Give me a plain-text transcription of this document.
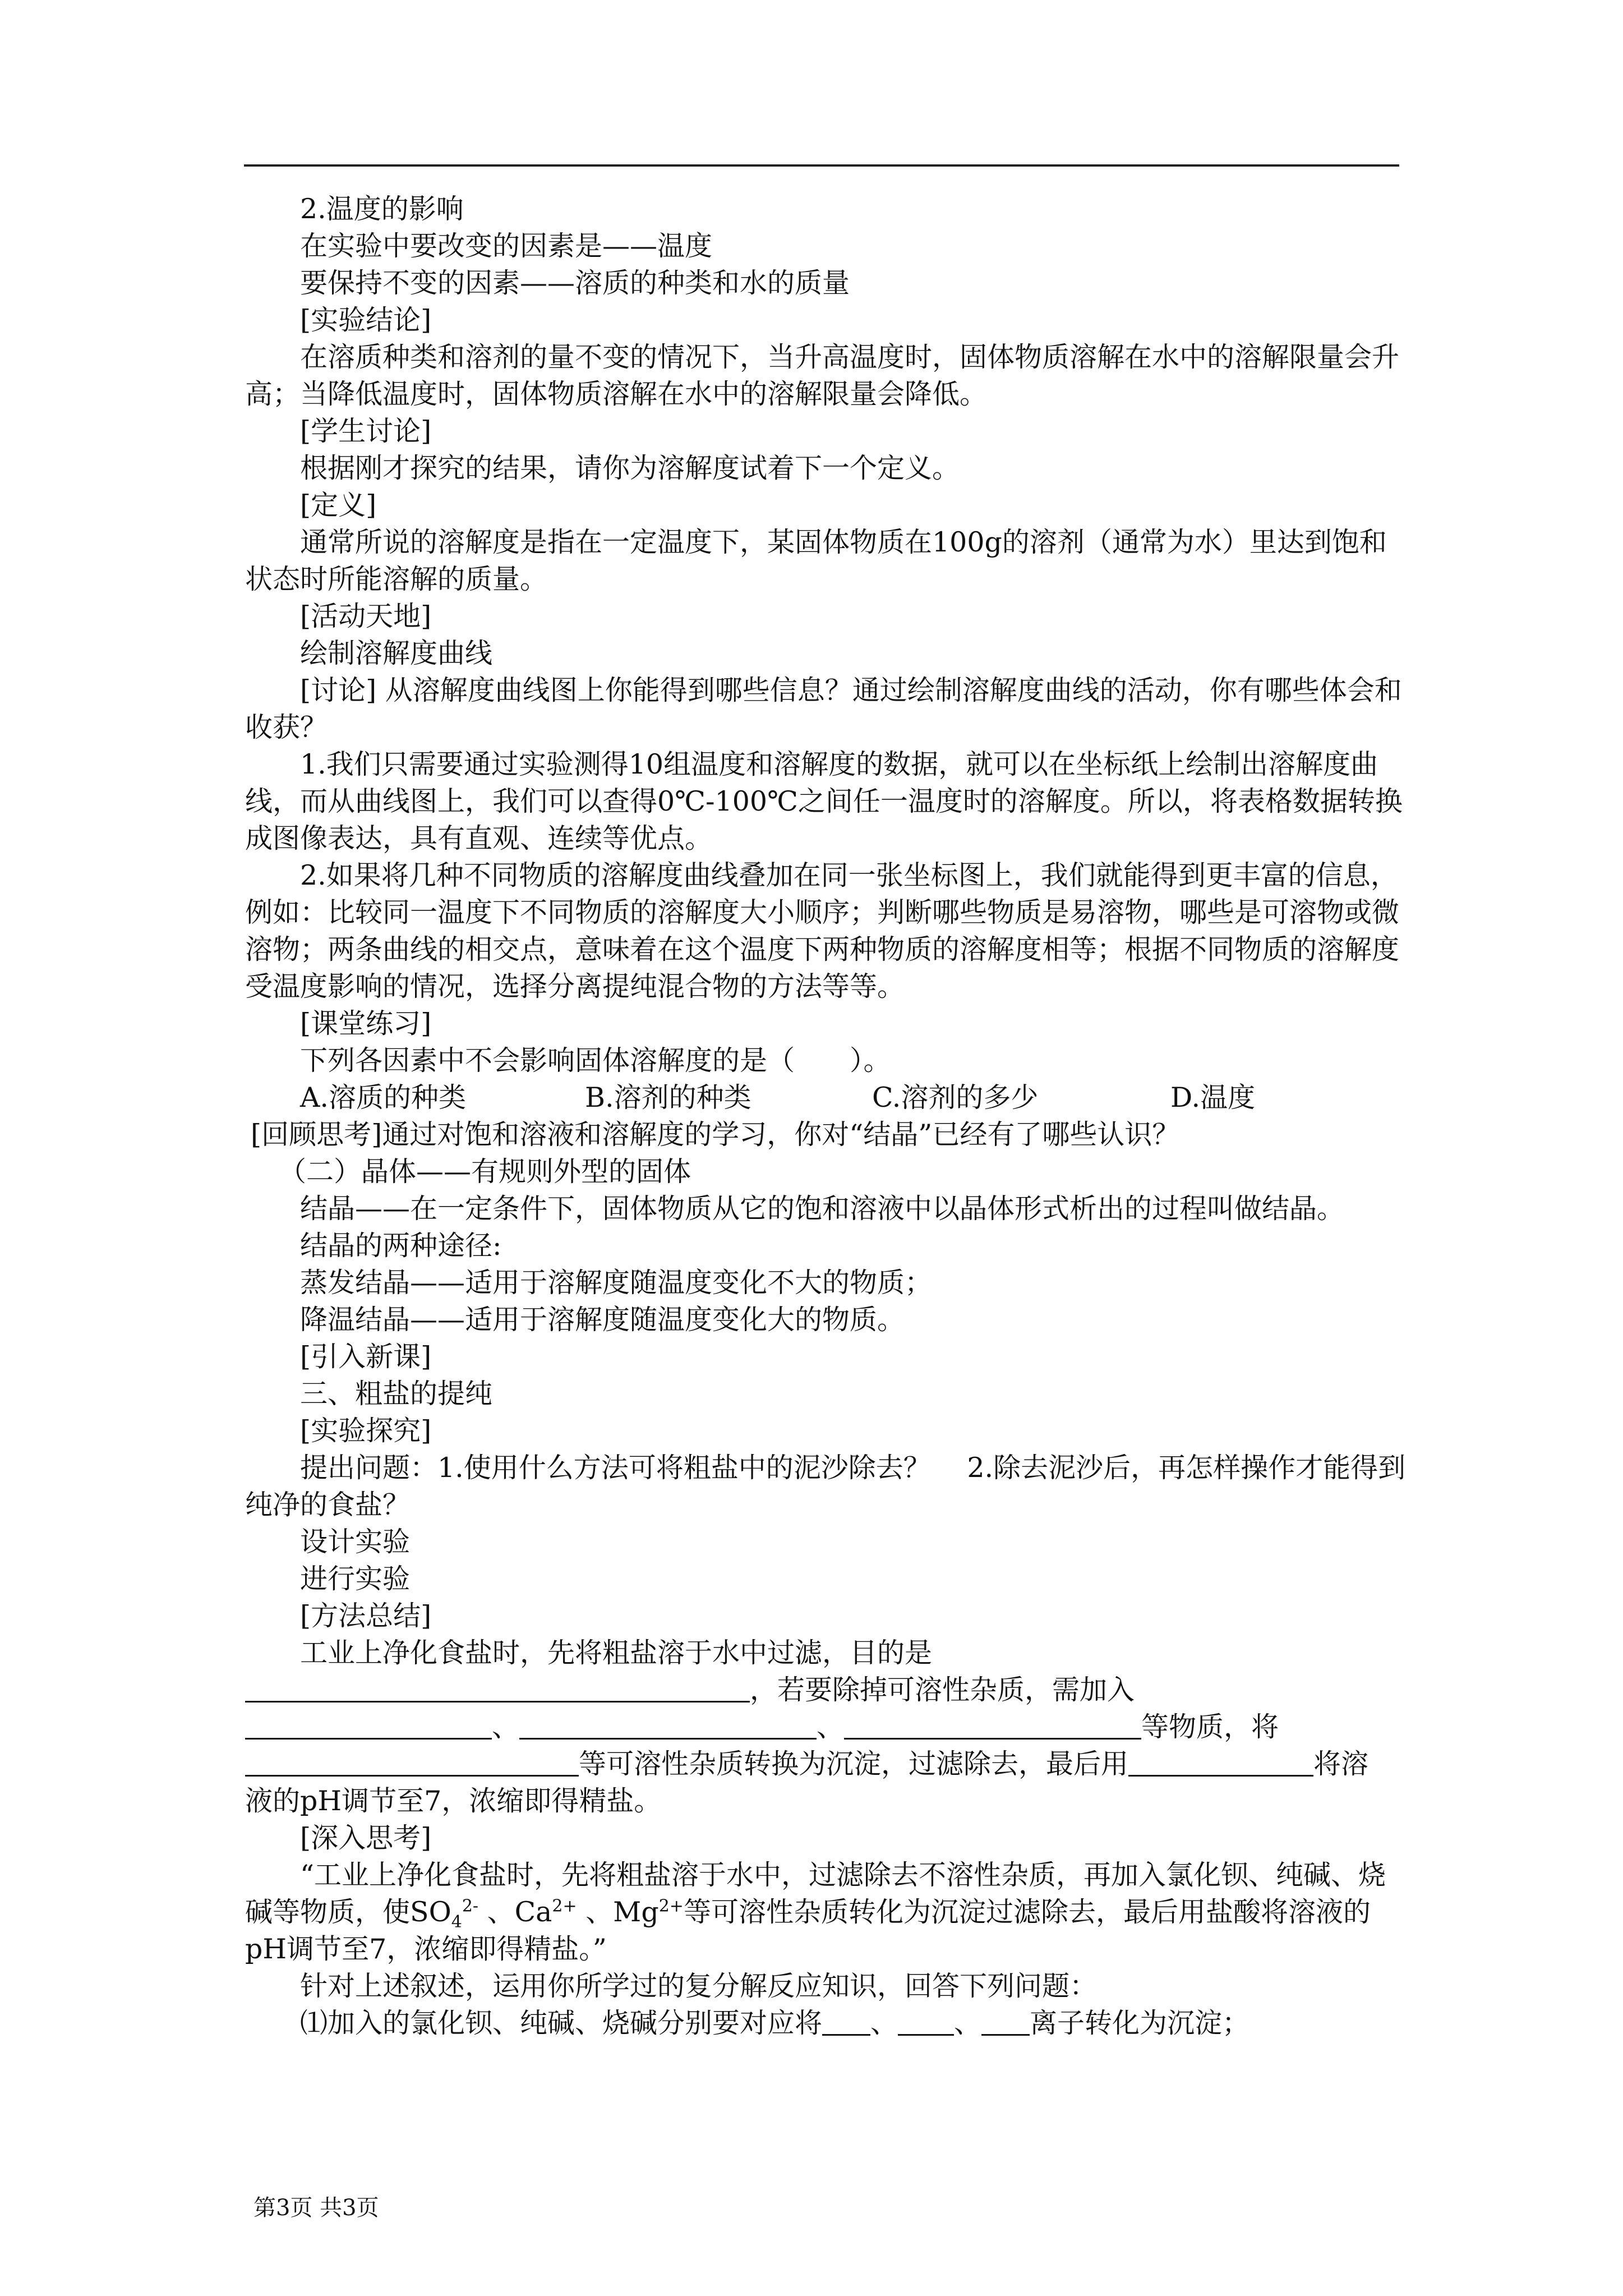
2.温度的影响

在实验中要改变的因素是——温度

要保持不变的因素——溶质的种类和水的质量

[实验结论]

在溶质种类和溶剂的量不变的情况下，当升高温度时，固体物质溶解在水中的溶解限量会升高；当降低温度时，固体物质溶解在水中的溶解限量会降低。

[学生讨论]

根据刚才探究的结果，请你为溶解度试着下一个定义。

[定义]

通常所说的溶解度是指在一定温度下，某固体物质在100g的溶剂（通常为水）里达到饱和状态时所能溶解的质量。

[活动天地]

绘制溶解度曲线

[讨论] 从溶解度曲线图上你能得到哪些信息？通过绘制溶解度曲线的活动，你有哪些体会和收获？

1.我们只需要通过实验测得10组温度和溶解度的数据，就可以在坐标纸上绘制出溶解度曲线，而从曲线图上，我们可以查得0℃-100℃之间任一温度时的溶解度。所以，将表格数据转换成图像表达，具有直观、连续等优点。

2.如果将几种不同物质的溶解度曲线叠加在同一张坐标图上，我们就能得到更丰富的信息，例如：比较同一温度下不同物质的溶解度大小顺序；判断哪些物质是易溶物，哪些是可溶物或微溶物；两条曲线的相交点，意味着在这个温度下两种物质的溶解度相等；根据不同物质的溶解度受温度影响的情况，选择分离提纯混合物的方法等等。

[课堂练习]

下列各因素中不会影响固体溶解度的是（　　）。

A.溶质的种类	B.溶剂的种类	C.溶剂的多少	D.温度

[回顾思考]通过对饱和溶液和溶解度的学习，你对“结晶”已经有了哪些认识？

（二）晶体——有规则外型的固体

结晶——在一定条件下，固体物质从它的饱和溶液中以晶体形式析出的过程叫做结晶。

结晶的两种途径:

蒸发结晶——适用于溶解度随温度变化不大的物质；

降温结晶——适用于溶解度随温度变化大的物质。

[引入新课]

三、粗盐的提纯

[实验探究]

提出问题：1.使用什么方法可将粗盐中的泥沙除去？　 2.除去泥沙后，再怎样操作才能得到纯净的食盐？

设计实验

进行实验

[方法总结]

工业上净化食盐时，先将粗盐溶于水中过滤，目的是

，若要除掉可溶性杂质，需加入

、	、	等物质，将

等可溶性杂质转换为沉淀，过滤除去，最后用	将溶

液的pH调节至7，浓缩即得精盐。

[深入思考]

“工业上净化食盐时，先将粗盐溶于水中，过滤除去不溶性杂质，再加入氯化钡、纯碱、烧碱等物质，使$SO_4^{2-}$ 、$Ca^{2+}$ 、$Mg^{2+}$等可溶性杂质转化为沉淀过滤除去，最后用盐酸将溶液的pH调节至7，浓缩即得精盐。”

针对上述叙述，运用你所学过的复分解反应知识，回答下列问题：

⑴加入的氯化钡、纯碱、烧碱分别要对应将 、 、 离子转化为沉淀；

第3页 共3页
